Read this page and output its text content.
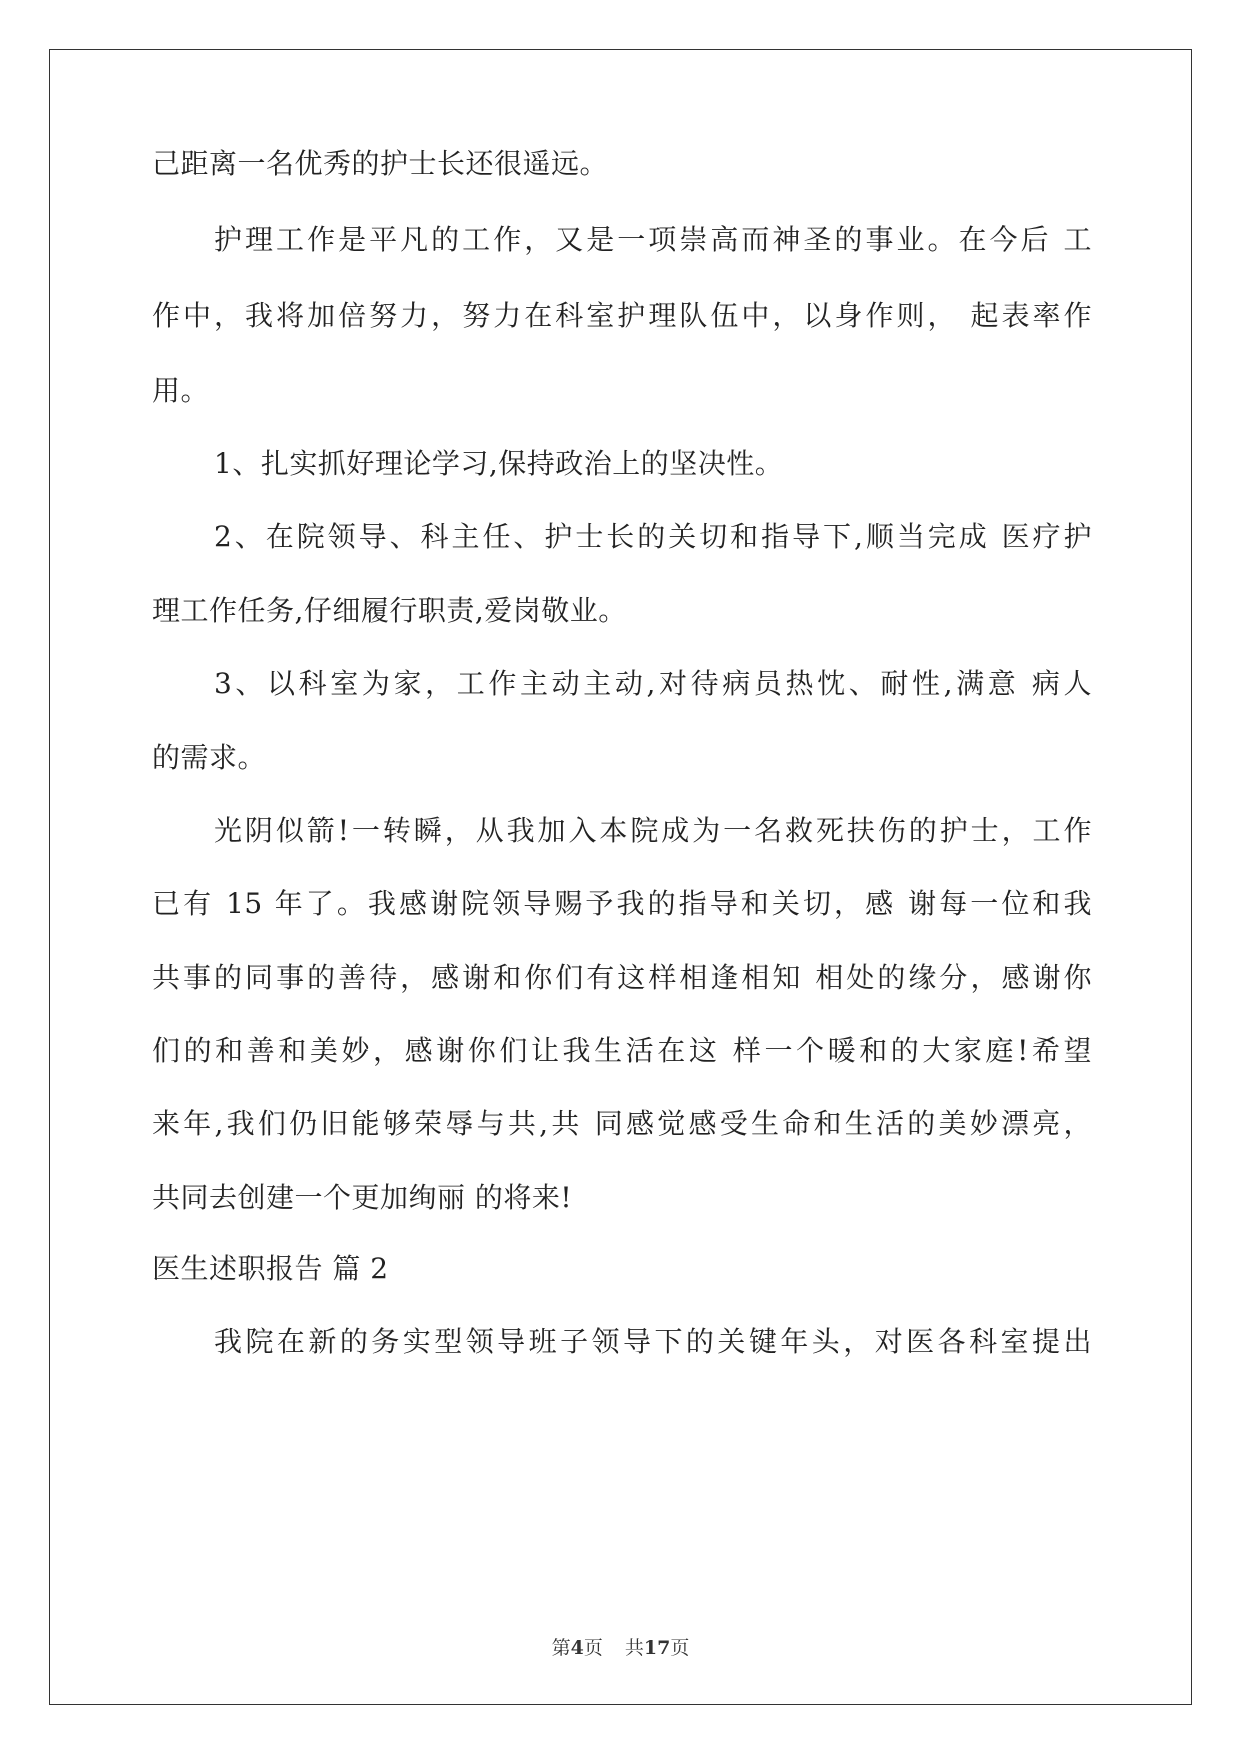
己距离一名优秀的护士长还很遥远。

护理工作是平凡的工作，又是一项崇高而神圣的事业。在今后 工

作中，我将加倍努力，努力在科室护理队伍中，以身作则， 起表率作

用。

1、扎实抓好理论学习,保持政治上的坚决性。

2、在院领导、科主任、护士长的关切和指导下,顺当完成 医疗护

理工作任务,仔细履行职责,爱岗敬业。

3、以科室为家，工作主动主动,对待病员热忱、耐性,满意 病人

的需求。

光阴似箭!一转瞬，从我加入本院成为一名救死扶伤的护士，工作

已有 15 年了。我感谢院领导赐予我的指导和关切，感 谢每一位和我

共事的同事的善待，感谢和你们有这样相逢相知 相处的缘分，感谢你

们的和善和美妙，感谢你们让我生活在这 样一个暖和的大家庭!希望

来年,我们仍旧能够荣辱与共,共 同感觉感受生命和生活的美妙漂亮，

共同去创建一个更加绚丽 的将来!

医生述职报告 篇 2

我院在新的务实型领导班子领导下的关键年头，对医各科室提出

第4页 共17页
